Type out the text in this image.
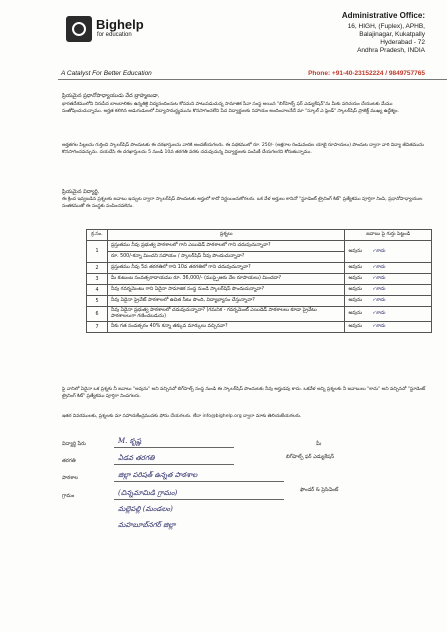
Bighelp
for education
A Catalyst For Better Education
Administrative Office:
16, HIGH, (Fuplex), APHB,
Balajinagar, Kukatpally
Hyderabad - 72
Andhra Pradesh, INDIA
Phone: +91-40-23152224 / 9849757765
ప్రియమైన ప్రధానోపాధ్యాయుడు వేద బ్రాహ్మణుడా,
భారతదేశములోని నిరుపేద బాలబాలికల ఉన్నతికై విద్యనందించుట కోసమని పాటుపడుచున్న సామాజిక సేవా సంస్థ అయిన "బిగ్‌హెల్ప్ ఫర్ ఎడ్యుకేషన్"ను మీకు పరిచయం చేయుటకు మేము సంతోషించుచున్నాము. అర్హత కలిగిన ఆడుగుడులలో విద్యాసామర్థ్యమును కొనసాగించలేని పేద విద్యార్థులకు సహాయం అందించాలనేదే మా "స్కూల్ ఎ ఫ్రెండ్" స్కాలర్‌షిప్ ప్రాజెక్ట్ ముఖ్య ఉద్దేశ్యం.
అర్హతగల పిల్లలను గుర్తించి స్కాలర్‌షిప్ పొందుటకు ఈ దరఖాస్తులను వారికి అందజేయగలరు. ఈ పథకములో రూ. 250/- (అక్షరాల రెండువందల యాభై రూపాయలు) పొందుట ద్వారా వారి విద్యా జీవితమును కొనసాగించవచ్చును. దయచేసి ఈ దరఖాస్తులను 5 నుండి 10వ తరగతి వరకు చదువుచున్న విద్యార్థులకు పంపిణీ చేయగలరని కోరుతున్నాము.
ప్రియమైన విద్యార్థి,
ఈ క్రింద ఇవ్వబడిన ప్రశ్నలకు జవాబు ఇచ్చుట ద్వారా స్కాలర్‌షిప్ పొందుటకు అర్హులో కాదో నిర్ణయించుకోగలరు. ఒక వేళ అర్హులు కానిచో "స్టూడెంట్ ట్రైనింగ్ కిట్" ప్రత్యేకము పూర్తిగా నింపి, ప్రధానోపాధ్యాయుల సంతకముతో ఈ సంస్థకు పంపించవలెను.
క్ర.సం.	ప్రశ్నలు	జవాబు పై గుర్తు పెట్టండి
1	ప్రస్తుతము నీవు ప్రభుత్వ పాఠశాలలో గాని ఎయిడెడ్ పాఠశాలలో గాని చదువుచున్నావా?	అవును ✓కాదు
	రూ. 500/-కన్నా మించని సహాయం / స్కాలర్‌షిప్ నీవు పొందుచున్నావా?	
2	ప్రస్తుతము నీవు 5వ తరగతిలో గాని 10వ తరగతిలో గాని చదువుచున్నావా?	అవును ✓కాదు
3	మీ కుటుంబ సంవత్సరాదాయము రూ. 36,000/- (ముప్పైఆరు వేల రూపాయలు) మించదా?	అవును ✓కాదు
4	నీవు గవర్నమెంటు గాని ఏదైనా సామాజిక సంస్థ నుండి స్కాలర్‌షిప్ పొందుచున్నావా?	అవును ✓కాదు
5	నీవు ఏదైనా ప్రైవేట్ పాఠశాలలో ఉచిత సీటు పొంది, విద్యాభ్యాసం చేస్తున్నావా?	అవును ✓కాదు
6	నీవు ఏదైనా ప్రభుత్వ పాఠశాలలో చదువుచున్నావా? (గమనిక - గవర్నమెంట్ ఎయిడెడ్ పాఠశాలలు కూడా ప్రైవేటు పాఠశాలలుగా గణించబడును)	అవును ✓కాదు
7	నీకు గత సంవత్సరం 40% కన్నా తక్కువ మార్కులు వచ్చినవా?	అవును ✓కాదు
పై వానిలో ఏదైనా ఒక ప్రశ్నకు నీ జవాబు "అవును" అని వచ్చినచో బిగ్‌హెల్ప్ సంస్థ నుండి ఈ స్కాలర్‌షిప్ పొందుటకు నీవు అర్హుడవు కాదు. ఒకవేళ అన్ని ప్రశ్నలకు నీ జవాబులు "కాదు" అని వచ్చినచో "స్టూడెంట్ ట్రైనింగ్ కిట్" ప్రత్యేకము పూర్తిగా నింపగలరు.
ఇతర వివరములకు, ప్రశ్నలకు మా సహాయకేంద్రమునకు ఫోను చేయగలరు. లేదా info@bighelp.org ద్వారా మాకు తెలియజేయగలరు.
విద్యార్థి పేరు	M. కృష్ణ
తరగతి	ఏడవ తరగతి
పాఠశాల	జిల్లా పరిషత్ ఉన్నత పాఠశాల
గ్రామం	(చిన్నమామిడి గ్రామం)
మల్లెపల్లి (మండలం)
మహబూబ్‌నగర్ జిల్లా
మీ
బిగ్‌హెల్ప్ ఫర్ ఎడ్యుకేషన్
ఫౌండర్ & ప్రెసిడెంట్
